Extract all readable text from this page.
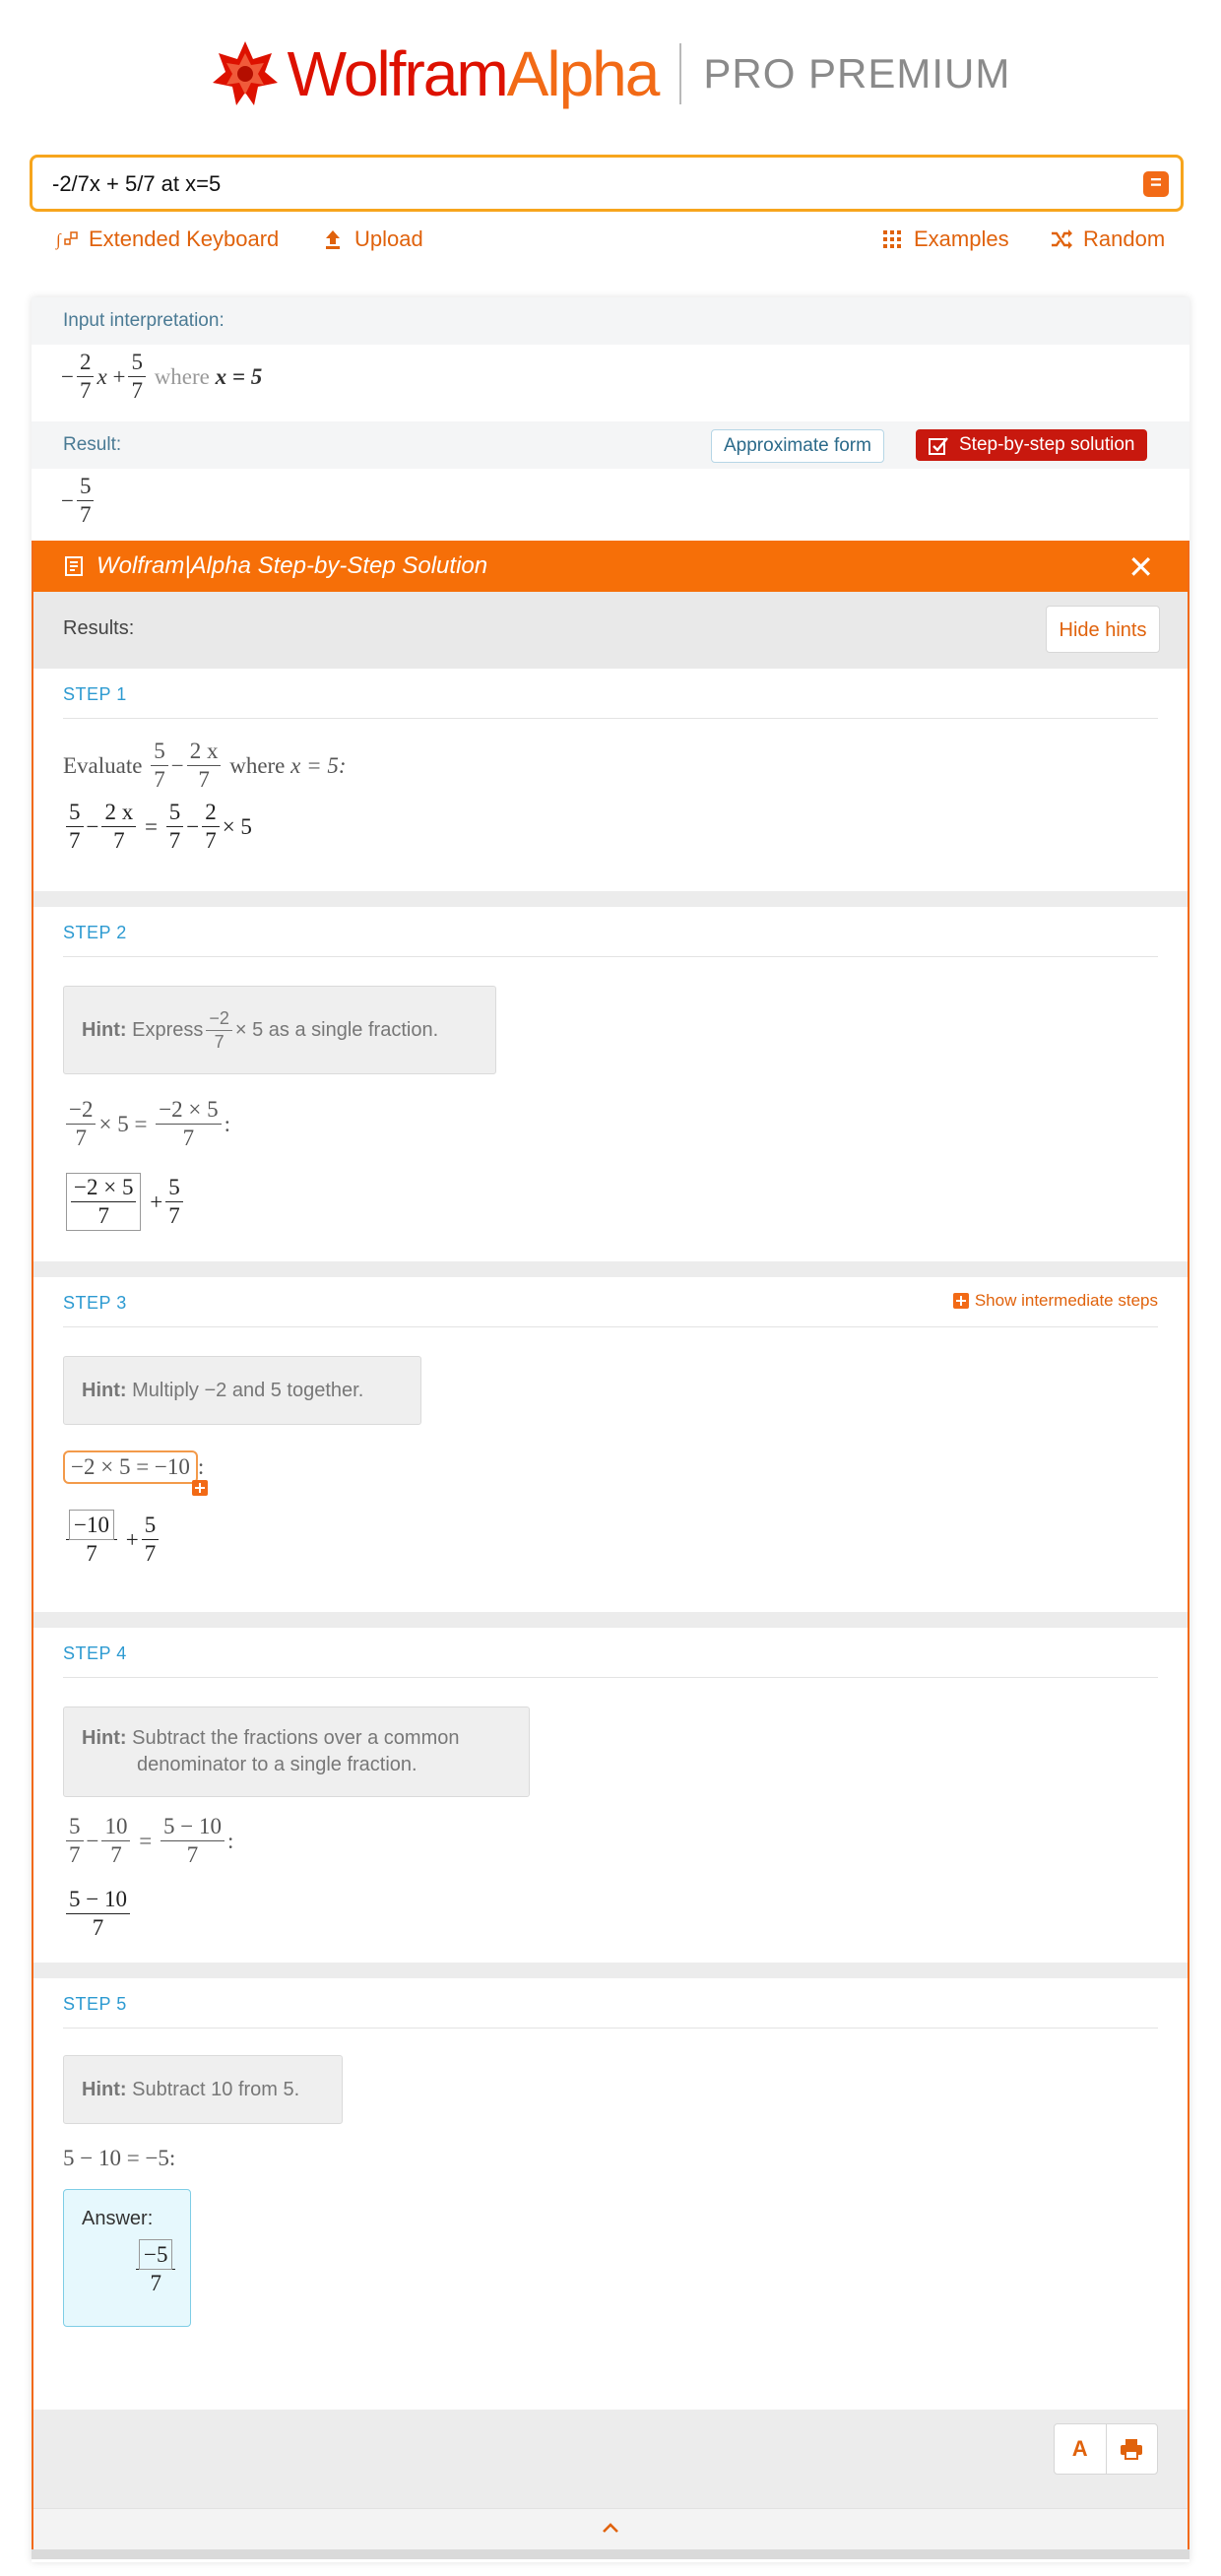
WolframAlpha PRO PREMIUM
-2/7x + 5/7 at x=5
=
∫ Extended Keyboard	Upload	Examples	Random
Input interpretation:
− $\frac{2}{7}$ x
+ $\frac{5}{7}$
where
x = 5
Result:	Approximate form	Step-by-step solution
− $\frac{5}{7}$
Wolfram|Alpha Step-by-Step Solution	✕
Results:	Hide hints
STEP 1
Evaluate
$\frac{5}{7} - \frac{2 x}{7}$
where
x = 5:
$\frac{5}{7} - \frac{2 x}{7}$
=
$\frac{5}{7} - \frac{2}{7} \times 5$
STEP 2
Hint:
Express $\frac{-2}{7} \times 5$ as a single fraction.
$\frac{-2}{7} \times 5$ =
$\frac{-2 \times 5}{7}$ :
$\frac{-2 \times 5}{7}$
+ $\frac{5}{7}$
STEP 3	Show intermediate steps
Hint: Multiply −2 and 5 together.
−2 × 5 = −10 :
$\frac{-10}{7}$
+ $\frac{5}{7}$
STEP 4
Hint: Subtract the fractions over a common
denominator to a single fraction.
$\frac{5}{7} - \frac{10}{7}$
=
$\frac{5 - 10}{7}$ :
$\frac{5 - 10}{7}$
STEP 5
Hint: Subtract 10 from 5.
5 − 10 = −5:
Answer:
$\frac{-5}{7}$
A
